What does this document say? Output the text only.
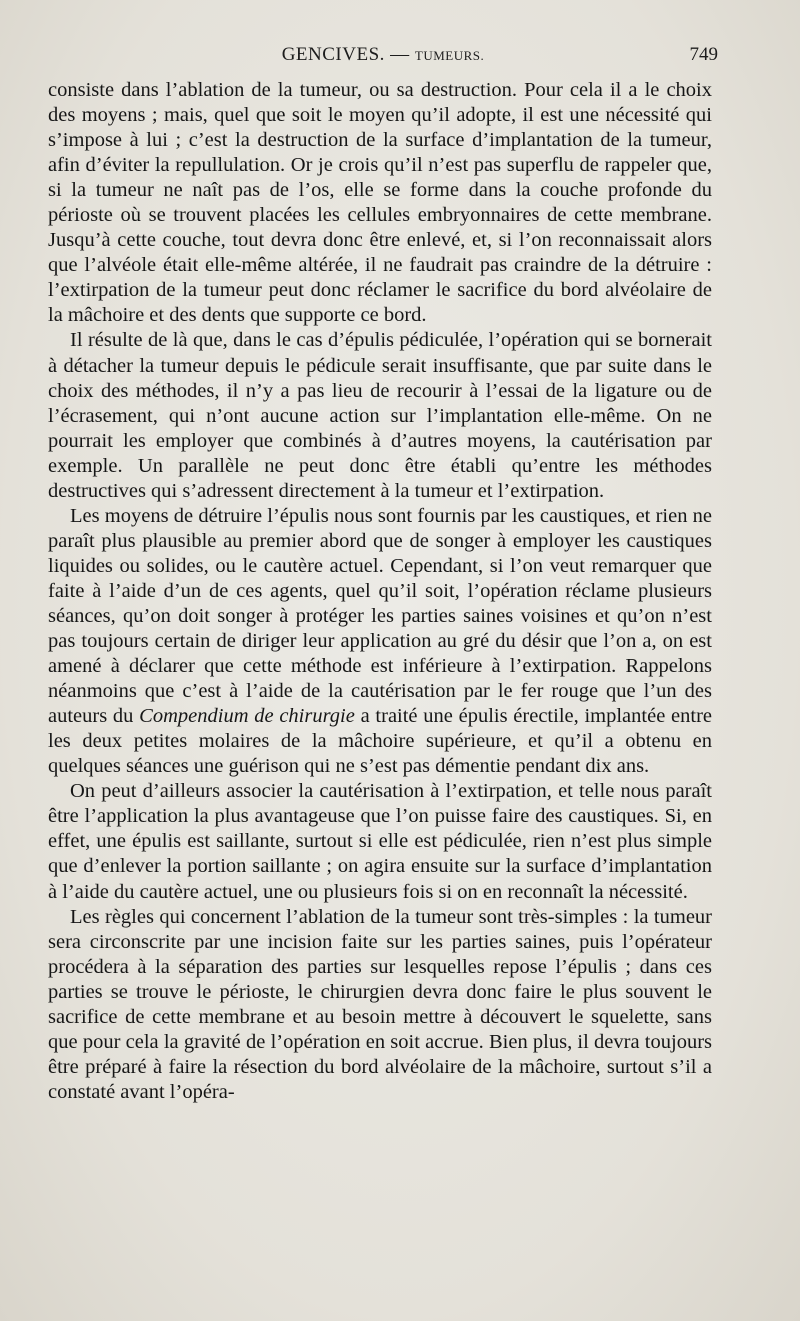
GENCIVES. — TUMEURS.	749

consiste dans l’ablation de la tumeur, ou sa destruction. Pour cela il a le choix des moyens ; mais, quel que soit le moyen qu’il adopte, il est une nécessité qui s’impose à lui ; c’est la destruction de la surface d’implantation de la tumeur, afin d’éviter la repullulation. Or je crois qu’il n’est pas superflu de rappeler que, si la tumeur ne naît pas de l’os, elle se forme dans la couche profonde du périoste où se trouvent placées les cellules embryonnaires de cette membrane. Jusqu’à cette couche, tout devra donc être enlevé, et, si l’on reconnaissait alors que l’alvéole était elle-même altérée, il ne faudrait pas craindre de la détruire : l’extirpation de la tumeur peut donc réclamer le sacrifice du bord alvéolaire de la mâchoire et des dents que supporte ce bord.

Il résulte de là que, dans le cas d’épulis pédiculée, l’opération qui se bornerait à détacher la tumeur depuis le pédicule serait insuffisante, que par suite dans le choix des méthodes, il n’y a pas lieu de recourir à l’essai de la ligature ou de l’écrasement, qui n’ont aucune action sur l’implantation elle-même. On ne pourrait les employer que combinés à d’autres moyens, la cautérisation par exemple. Un parallèle ne peut donc être établi qu’entre les méthodes destructives qui s’adressent directement à la tumeur et l’extirpation.

Les moyens de détruire l’épulis nous sont fournis par les caustiques, et rien ne paraît plus plausible au premier abord que de songer à employer les caustiques liquides ou solides, ou le cautère actuel. Cependant, si l’on veut remarquer que faite à l’aide d’un de ces agents, quel qu’il soit, l’opération réclame plusieurs séances, qu’on doit songer à protéger les parties saines voisines et qu’on n’est pas toujours certain de diriger leur application au gré du désir que l’on a, on est amené à déclarer que cette méthode est inférieure à l’extirpation. Rappelons néanmoins que c’est à l’aide de la cautérisation par le fer rouge que l’un des auteurs du Compendium de chirurgie a traité une épulis érectile, implantée entre les deux petites molaires de la mâchoire supérieure, et qu’il a obtenu en quelques séances une guérison qui ne s’est pas démentie pendant dix ans.

On peut d’ailleurs associer la cautérisation à l’extirpation, et telle nous paraît être l’application la plus avantageuse que l’on puisse faire des caustiques. Si, en effet, une épulis est saillante, surtout si elle est pédiculée, rien n’est plus simple que d’enlever la portion saillante ; on agira ensuite sur la surface d’implantation à l’aide du cautère actuel, une ou plusieurs fois si on en reconnaît la nécessité.

Les règles qui concernent l’ablation de la tumeur sont très-simples : la tumeur sera circonscrite par une incision faite sur les parties saines, puis l’opérateur procédera à la séparation des parties sur lesquelles repose l’épulis ; dans ces parties se trouve le périoste, le chirurgien devra donc faire le plus souvent le sacrifice de cette membrane et au besoin mettre à découvert le squelette, sans que pour cela la gravité de l’opération en soit accrue. Bien plus, il devra toujours être préparé à faire la résection du bord alvéolaire de la mâchoire, surtout s’il a constaté avant l’opéra-
